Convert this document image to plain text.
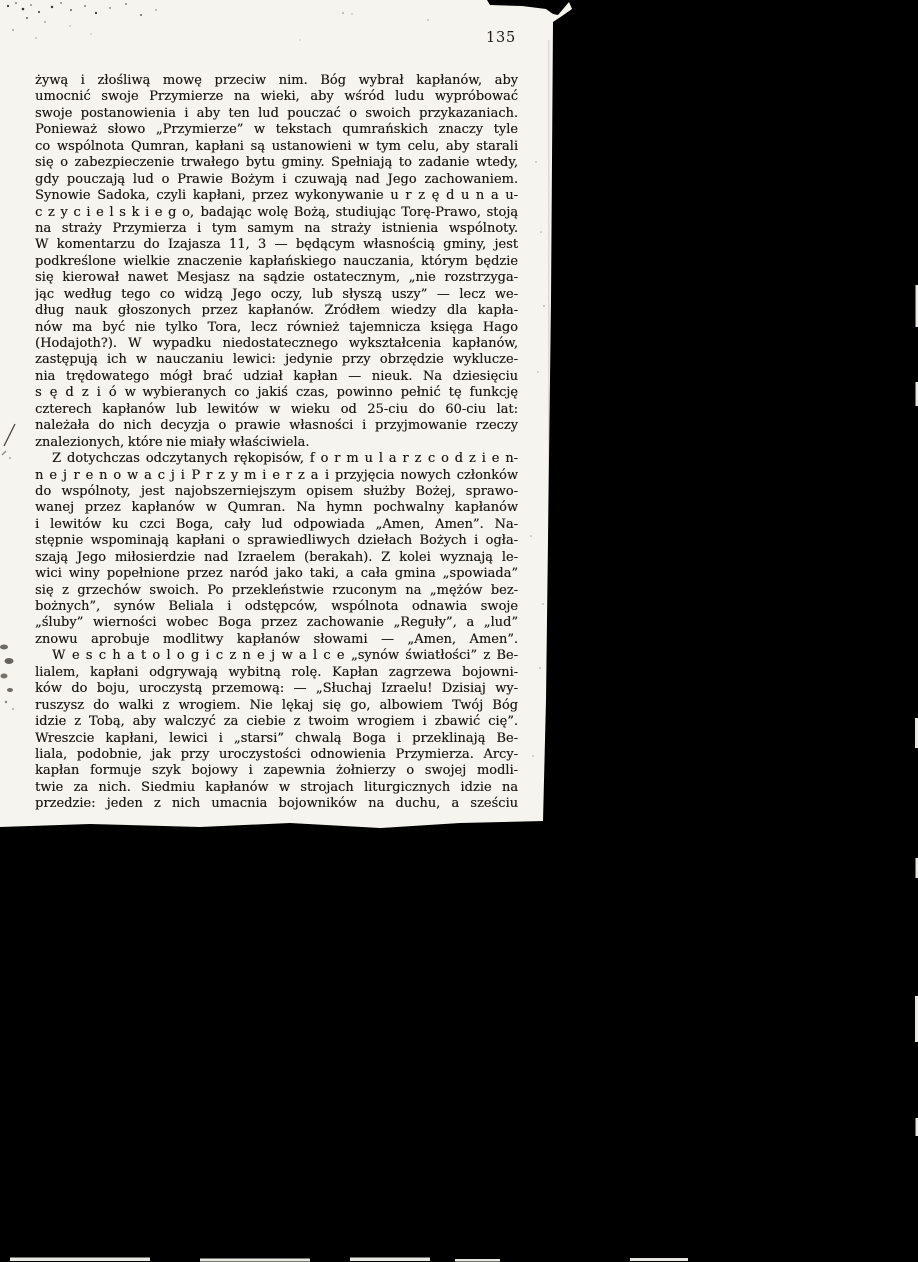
135
żywą i złośliwą mowę przeciw nim. Bóg wybrał kapłanów, aby
umocnić swoje Przymierze na wieki, aby wśród ludu wypróbować
swoje postanowienia i aby ten lud pouczać o swoich przykazaniach.
Ponieważ słowo „Przymierze” w tekstach qumrańskich znaczy tyle
co wspólnota Qumran, kapłani są ustanowieni w tym celu, aby starali
się o zabezpieczenie trwałego bytu gminy. Spełniają to zadanie wtedy,
gdy pouczają lud o Prawie Bożym i czuwają nad Jego zachowaniem.
Synowie Sadoka, czyli kapłani, przez wykonywanie u r z ę d u n a u-
c z y c i e l s k i e g o, badając wolę Bożą, studiując Torę-Prawo, stoją
na straży Przymierza i tym samym na straży istnienia wspólnoty.
W komentarzu do Izajasza 11, 3 — będącym własnością gminy, jest
podkreślone wielkie znaczenie kapłańskiego nauczania, którym będzie
się kierował nawet Mesjasz na sądzie ostatecznym, „nie rozstrzyga-
jąc według tego co widzą Jego oczy, lub słyszą uszy” — lecz we-
dług nauk głoszonych przez kapłanów. Źródłem wiedzy dla kapła-
nów ma być nie tylko Tora, lecz również tajemnicza księga Hago
(Hodajoth?). W wypadku niedostatecznego wykształcenia kapłanów,
zastępują ich w nauczaniu lewici: jedynie przy obrzędzie wyklucze-
nia trędowatego mógł brać udział kapłan — nieuk. Na dziesięciu
s ę d z i ó w wybieranych co jakiś czas, powinno pełnić tę funkcję
czterech kapłanów lub lewitów w wieku od 25-ciu do 60-ciu lat:
należała do nich decyzja o prawie własności i przyjmowanie rzeczy
znalezionych, które nie miały właściwiela.
Z dotychczas odczytanych rękopisów, f o r m u l a r z c o d z i e n-
n e j r e n o w a c j i P r z y m i e r z a i przyjęcia nowych członków
do wspólnoty, jest najobszerniejszym opisem służby Bożej, sprawo-
wanej przez kapłanów w Qumran. Na hymn pochwalny kapłanów
i lewitów ku czci Boga, cały lud odpowiada „Amen, Amen”. Na-
stępnie wspominają kapłani o sprawiedliwych dziełach Bożych i ogła-
szają Jego miłosierdzie nad Izraelem (berakah). Z kolei wyznają le-
wici winy popełnione przez naród jako taki, a cała gmina „spowiada”
się z grzechów swoich. Po przekleństwie rzuconym na „mężów bez-
bożnych”, synów Beliala i odstępców, wspólnota odnawia swoje
„śluby” wierności wobec Boga przez zachowanie „Reguły”, a „lud”
znowu aprobuje modlitwy kapłanów słowami — „Amen, Amen”.
W e s c h a t o l o g i c z n e j w a l c e „synów światłości” z Be-
lialem, kapłani odgrywają wybitną rolę. Kapłan zagrzewa bojowni-
ków do boju, uroczystą przemową: — „Słuchaj Izraelu! Dzisiaj wy-
ruszysz do walki z wrogiem. Nie lękaj się go, albowiem Twój Bóg
idzie z Tobą, aby walczyć za ciebie z twoim wrogiem i zbawić cię”.
Wreszcie kapłani, lewici i „starsi” chwalą Boga i przeklinają Be-
liala, podobnie, jak przy uroczystości odnowienia Przymierza. Arcy-
kapłan formuje szyk bojowy i zapewnia żołnierzy o swojej modli-
twie za nich. Siedmiu kapłanów w strojach liturgicznych idzie na
przedzie: jeden z nich umacnia bojowników na duchu, a sześciu
